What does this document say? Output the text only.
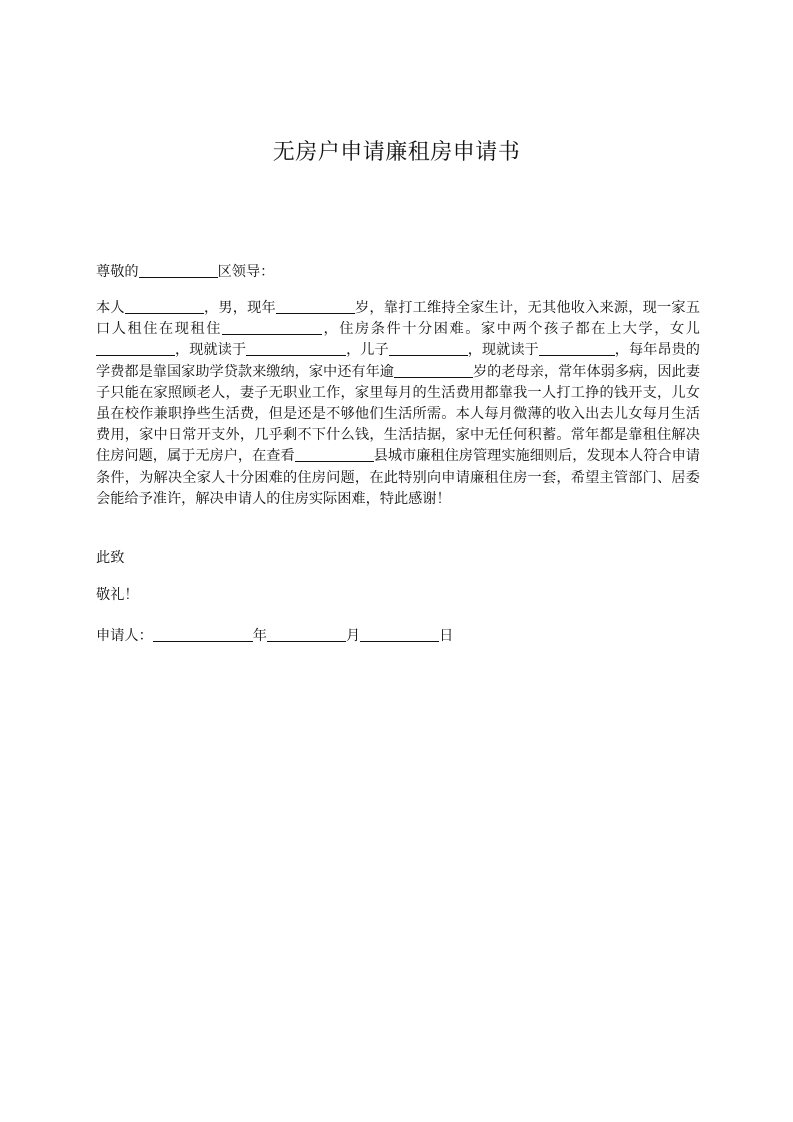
无房户申请廉租房申请书
尊敬的	区领导：
本人	，男，现年	岁，靠打工维持全家生计，无其他收入来源，现一家五口人租住在现租住	，住房条件十分困难。家中两个孩子都在上大学，女儿，现就读于	，儿子	，现就读于	，每年昂贵的学费都是靠国家助学贷款来缴纳，家中还有年逾	岁的老母亲，常年体弱多病，因此妻子只能在家照顾老人，妻子无职业工作，家里每月的生活费用都靠我一人打工挣的钱开支，儿女虽在校作兼职挣些生活费，但是还是不够他们生活所需。本人每月微薄的收入出去儿女每月生活费用，家中日常开支外，几乎剩不下什么钱，生活拮据，家中无任何积蓄。常年都是靠租住解决住房问题，属于无房户，在查看	县城市廉租住房管理实施细则后，发现本人符合申请条件，为解决全家人十分困难的住房问题，在此特别向申请廉租住房一套，希望主管部门、居委会能给予准许，解决申请人的住房实际困难，特此感谢！
此致
敬礼！
申请人：	年	月	日
